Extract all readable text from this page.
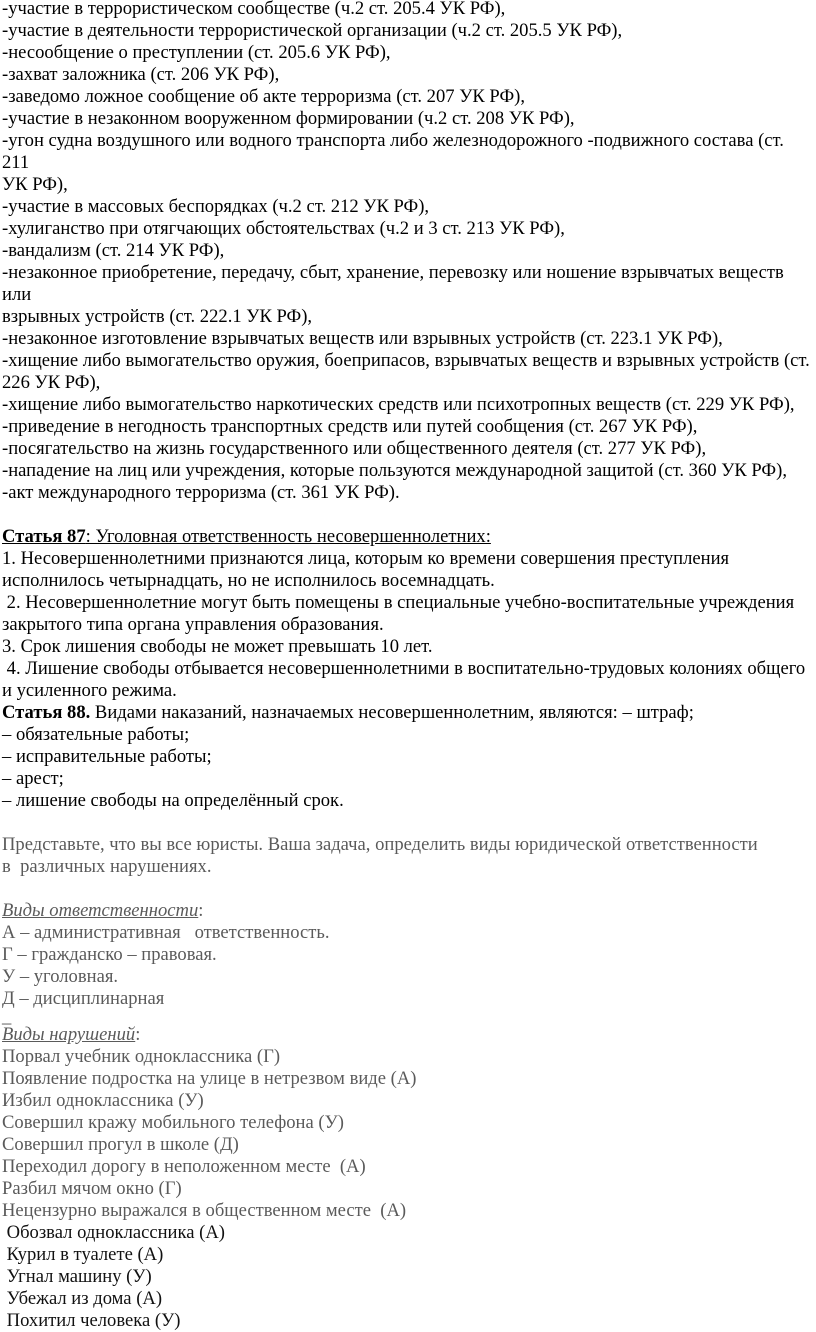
-участие в террористическом сообществе (ч.2 ст. 205.4 УК РФ),
-участие в деятельности террористической организации (ч.2 ст. 205.5 УК РФ),
-несообщение о преступлении (ст. 205.6 УК РФ),
-захват заложника (ст. 206 УК РФ),
-заведомо ложное сообщение об акте терроризма (ст. 207 УК РФ),
-участие в незаконном вооруженном формировании (ч.2 ст. 208 УК РФ),
-угон судна воздушного или водного транспорта либо железнодорожного -подвижного состава (ст. 211
УК РФ),
-участие в массовых беспорядках (ч.2 ст. 212 УК РФ),
-хулиганство при отягчающих обстоятельствах (ч.2 и 3 ст. 213 УК РФ),
-вандализм (ст. 214 УК РФ),
-незаконное приобретение, передачу, сбыт, хранение, перевозку или ношение взрывчатых веществ или
взрывных устройств (ст. 222.1 УК РФ),
-незаконное изготовление взрывчатых веществ или взрывных устройств (ст. 223.1 УК РФ),
-хищение либо вымогательство оружия, боеприпасов, взрывчатых веществ и взрывных устройств (ст.
226 УК РФ),
-хищение либо вымогательство наркотических средств или психотропных веществ (ст. 229 УК РФ),
-приведение в негодность транспортных средств или путей сообщения (ст. 267 УК РФ),
-посягательство на жизнь государственного или общественного деятеля (ст. 277 УК РФ),
-нападение на лиц или учреждения, которые пользуются международной защитой (ст. 360 УК РФ),
-акт международного терроризма (ст. 361 УК РФ).
Статья 87: Уголовная ответственность несовершеннолетних:
1. Несовершеннолетними признаются лица, которым ко времени совершения преступления
исполнилось четырнадцать, но не исполнилось восемнадцать.
2. Несовершеннолетние могут быть помещены в специальные учебно-воспитательные учреждения
закрытого типа органа управления образования.
3. Срок лишения свободы не может превышать 10 лет.
4. Лишение свободы отбывается несовершеннолетними в воспитательно-трудовых колониях общего
и усиленного режима.
Статья 88. Видами наказаний, назначаемых несовершеннолетним, являются: – штраф;
– обязательные работы;
– исправительные работы;
– арест;
– лишение свободы на определённый срок.
Представьте, что вы все юристы. Ваша задача, определить виды юридической ответственности
в  различных нарушениях.
Виды ответственности:
А – административная   ответственность.
Г – гражданско – правовая.
У – уголовная.
Д – дисциплинарная
_
Виды нарушений:
Порвал учебник одноклассника (Г)
Появление подростка на улице в нетрезвом виде (А)
Избил одноклассника (У)
Совершил кражу мобильного телефона (У)
Совершил прогул в школе (Д)
Переходил дорогу в неположенном месте  (А)
Разбил мячом окно (Г)
Нецензурно выражался в общественном месте  (А)
Обозвал одноклассника (А)
Курил в туалете (А)
Угнал машину (У)
Убежал из дома (А)
Похитил человека (У)
